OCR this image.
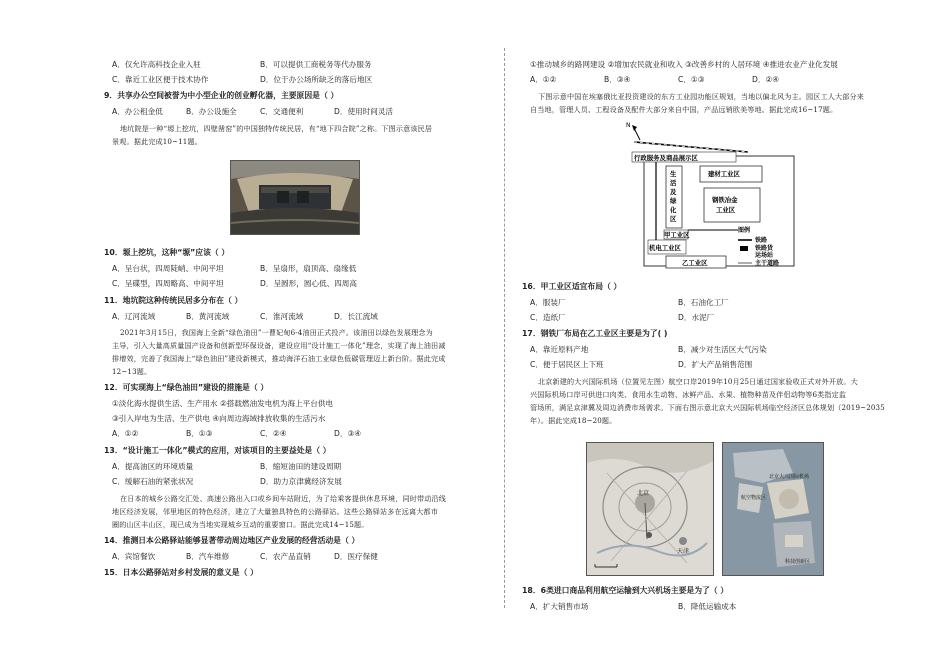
A．仅允许高科技企业入驻	B．可以提供工商税务等代办服务
C．靠近工业区便于技术协作	D．位于办公场所缺乏的落后地区
9．共享办公空间被誉为中小型企业的创业孵化器，主要原因是（ ）
A．办公租金低	B．办公设施全	C．交通便利	D．使用时间灵活
地坑院是一种“塬上挖坑，四壁凿窑”的中国独特传统民居，有“地下四合院”之称。下图示意该民居
景观。据此完成10~11题。
10．塬上挖坑，这种“塬”应该（ ）
A．呈台状，四周陡峭、中间平坦	B．呈扇形，扇顶高、扇缘低
C．呈碟型，四周略高、中间平坦	D．呈圆形，圆心低、四周高
11．地坑院这种传统民居多分布在（ ）
A．辽河流域	B．黄河流域	C．淮河流域	D．长江流域
2021年3月15日，我国海上全新“绿色油田”一曹妃甸6-4油田正式投产。该油田以绿色发展理念为
主导，引入大量高质量国产设备和创新型环保设备，建设应用“设计施工一体化”理念，实现了海上油田减
排增效，完善了我国海上“绿色油田”建设新模式，推动海洋石油工业绿色低碳管理迈上新台阶。据此完成
12~13题。
12．可实现海上“绿色油田”建设的措施是（ ）
①淡化海水提供生活、生产用水 ②搭载燃油发电机为海上平台供电
③引入岸电为生活、生产供电 ④向周边海域排放收集的生活污水
A．①②	B．①③	C．②④	D．③④
13．“设计施工一体化”模式的应用，对该项目的主要益处是（ ）
A．提高油区的环境质量	B．缩短油田的建设周期
C．缓解石油的紧张状况	D．助力京津冀经济发展
在日本的城乡公路交汇处、高速公路出入口或乡间车站附近，为了给乘客提供休息环境，同时带动沿线
地区经济发展，邻里地区的特色经济，建立了大量独具特色的公路驿站。这些公路驿站多在远离大都市
圈的山区丰山区，现已成为当地实现城乡互动的重要窗口。据此完成14~15题。
14．推测日本公路驿站能够显著带动周边地区产业发展的经营活动是（ ）
A．宾馆餐饮	B．汽车维修	C．农产品直销	D．医疗保健
15．日本公路驿站对乡村发展的意义是（ ）
①推动城乡的路网建设 ②增加农民就业和收入 ③改善乡村的人居环境 ④推进农业产业化发展
A．①②	B．③④	C．①③	D．②④
下图示意中国在埃塞俄比亚投资建设的东方工业园功能区规划，当地以偏北风为主。园区工人大部分来
自当地，管理人员、工程设备及配件大部分来自中国，产品远销欧美等地。据此完成16~17题。
N
行政服务及商品展示区
生
活
及
绿
化
区
建材工业区
钢铁冶金
工业区
甲工业区
机电工业区
乙工业区
图例
铁路
铁路货
运场站
主干道路
16．甲工业区适宜布局（ ）
A．服装厂	B．石油化工厂
C．造纸厂	D．水泥厂
17．钢铁厂布局在乙工业区主要是为了( )
A．靠近原料产地	B．减少对生活区大气污染
C．便于居民区上下班	D．扩大产品销售范围
北京新建的大兴国际机场（位置见左图）航空口岸2019年10月25日通过国家验收正式对外开放。大
兴国际机场口岸可供进口肉类、食用水生动物、冰鲜产品、水果、植物种苗及伴侣动物等6类指定监
管场所，满足京津冀及周边消费市场需求。下面右图示意北京大兴国际机场临空经济区总体规划（2019~2035
年）。据此完成18~20题。
北京
天津
北京大兴国际机场
航空物流区
科技创新区
18．6类进口商品利用航空运输到大兴机场主要是为了（ ）
A．扩大销售市场	B．降低运输成本
